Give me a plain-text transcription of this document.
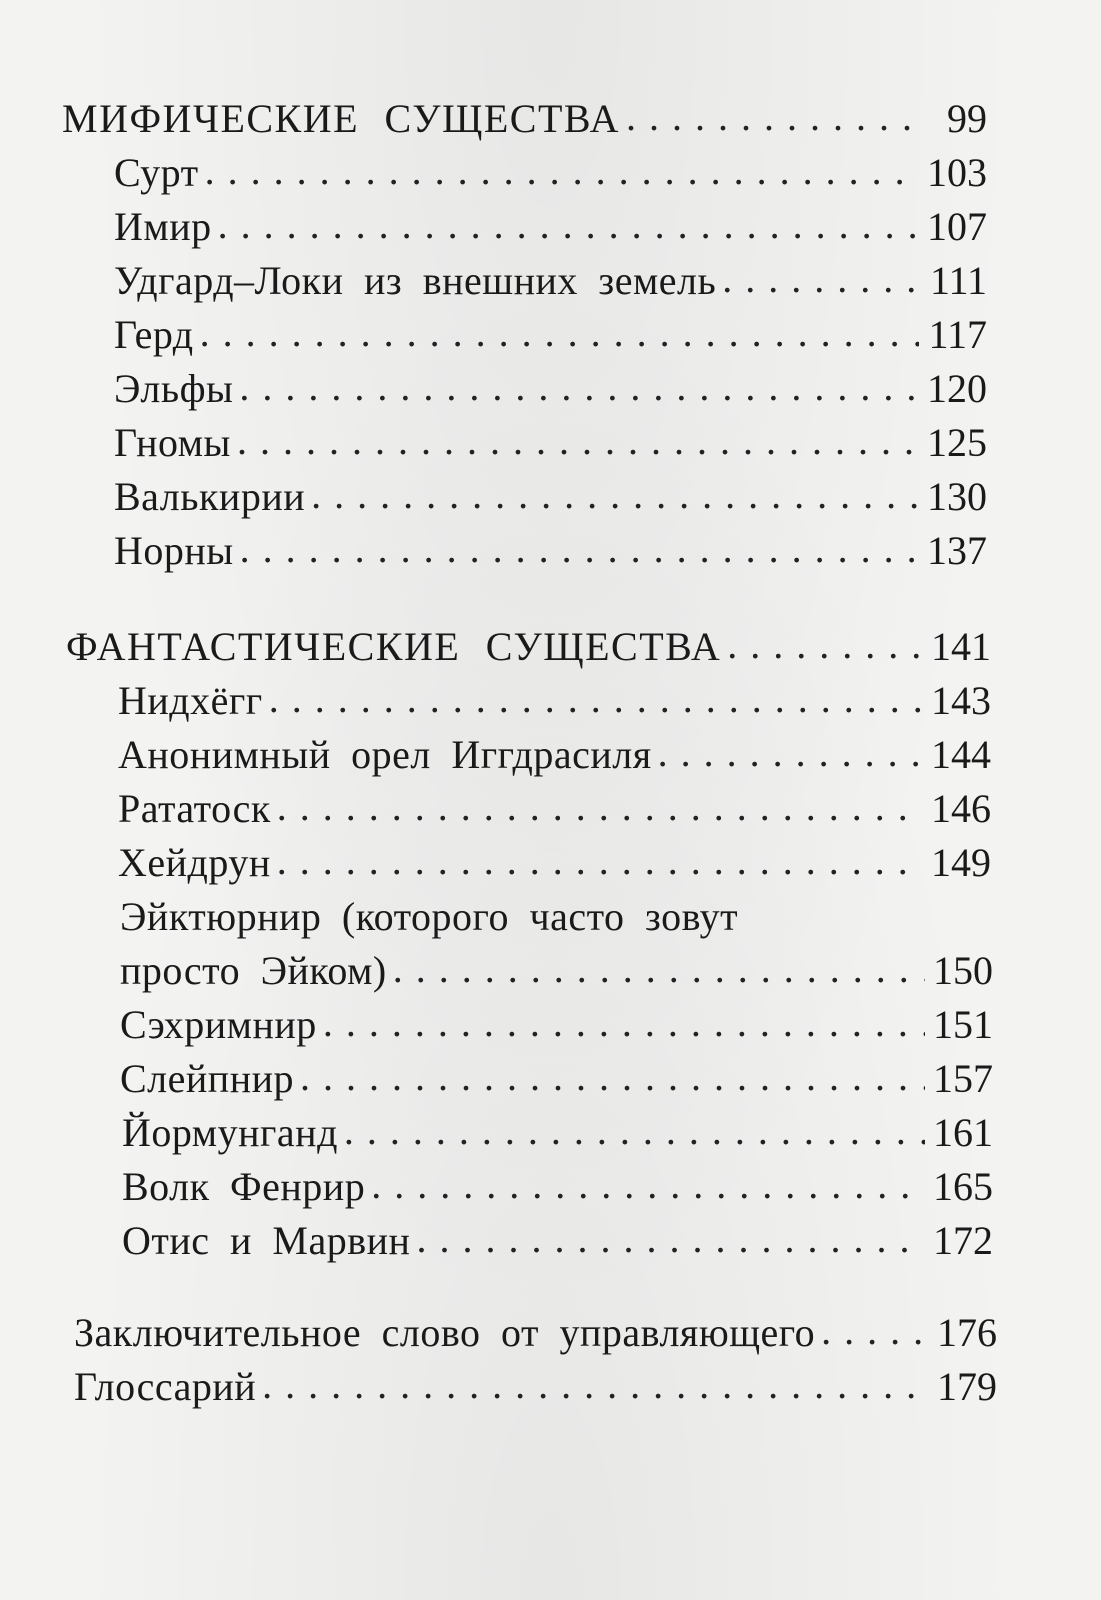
МИФИЧЕСКИЕ СУЩЕСТВА . . .	99
Сурт . . .	103
Имир . . .	107
Удгард–Локи из внешних земель . . .	111
Герд . . .	117
Эльфы . . .	120
Гномы . . .	125
Валькирии . . .	130
Норны . . .	137
ФАНТАСТИЧЕСКИЕ СУЩЕСТВА . . .	141
Нидхёгг . . .	143
Анонимный орел Иггдрасиля . . .	144
Рататоск . . .	146
Хейдрун . . .	149
Эйктюрнир (которого часто зовут
просто Эйком) . . .	150
Сэхримнир . . .	151
Слейпнир . . .	157
Йормунганд . . .	161
Волк Фенрир . . .	165
Отис и Марвин . . .	172
Заключительное слово от управляющего . . .	176
Глоссарий . . .	179
